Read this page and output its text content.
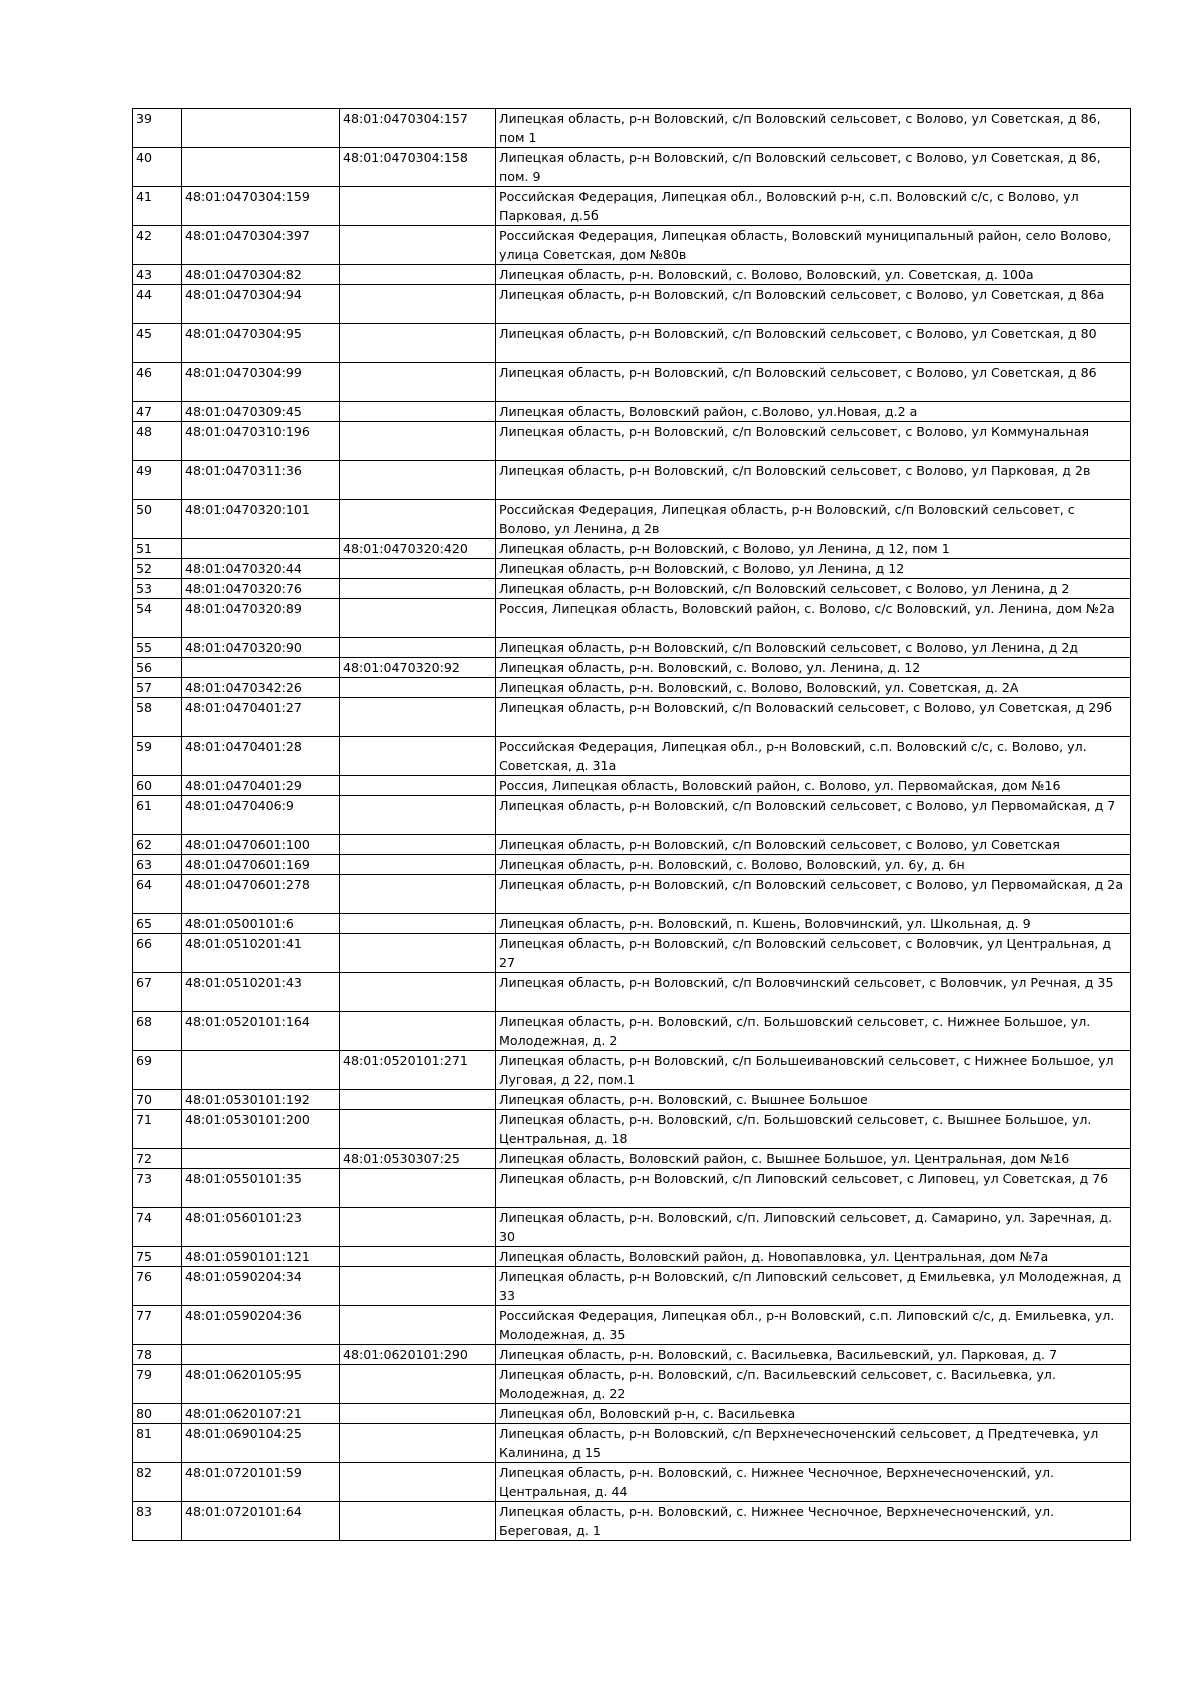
39		48:01:0470304:157	Липецкая область, р-н Воловский, с/п Воловский сельсовет, с Волово, ул Советская, д 86, пом 1
40		48:01:0470304:158	Липецкая область, р-н Воловский, с/п Воловский сельсовет, с Волово, ул Советская, д 86, пом. 9
41	48:01:0470304:159		Российская Федерация, Липецкая обл., Воловский р-н, с.п. Воловский с/с, с Волово, ул Парковая, д.5б
42	48:01:0470304:397		Российская Федерация, Липецкая область, Воловский муниципальный район, село Волово, улица Советская, дом №80в
43	48:01:0470304:82		Липецкая область, р-н. Воловский, с. Волово, Воловский, ул. Советская, д. 100а
44	48:01:0470304:94		Липецкая область, р-н Воловский, с/п Воловский сельсовет, с Волово, ул Советская, д 86а
45	48:01:0470304:95		Липецкая область, р-н Воловский, с/п Воловский сельсовет, с Волово, ул Советская, д 80
46	48:01:0470304:99		Липецкая область, р-н Воловский, с/п Воловский сельсовет, с Волово, ул Советская, д 86
47	48:01:0470309:45		Липецкая область, Воловский район, с.Волово, ул.Новая, д.2 а
48	48:01:0470310:196		Липецкая область, р-н Воловский, с/п Воловский сельсовет, с Волово, ул Коммунальная
49	48:01:0470311:36		Липецкая область, р-н Воловский, с/п Воловский сельсовет, с Волово, ул Парковая, д 2в
50	48:01:0470320:101		Российская Федерация, Липецкая область, р-н Воловский, с/п Воловский сельсовет, с Волово, ул Ленина, д 2в
51		48:01:0470320:420	Липецкая область, р-н Воловский, с Волово, ул Ленина, д 12, пом 1
52	48:01:0470320:44		Липецкая область, р-н Воловский, с Волово, ул Ленина, д 12
53	48:01:0470320:76		Липецкая область, р-н Воловский, с/п Воловский сельсовет, с Волово, ул Ленина, д 2
54	48:01:0470320:89		Россия, Липецкая область, Воловский район, с. Волово, с/с Воловский, ул. Ленина, дом №2а
55	48:01:0470320:90		Липецкая область, р-н Воловский, с/п Воловский сельсовет, с Волово, ул Ленина, д 2д
56		48:01:0470320:92	Липецкая область, р-н. Воловский, с. Волово, ул. Ленина, д. 12
57	48:01:0470342:26		Липецкая область, р-н. Воловский, с. Волово, Воловский, ул. Советская, д. 2А
58	48:01:0470401:27		Липецкая область, р-н Воловский, с/п Воловаский сельсовет, с Волово, ул Советская, д 29б
59	48:01:0470401:28		Российская Федерация, Липецкая обл., р-н Воловский, с.п. Воловский с/с, с. Волово, ул. Советская, д. 31а
60	48:01:0470401:29		Россия, Липецкая область, Воловский район, с. Волово, ул. Первомайская, дом №16
61	48:01:0470406:9		Липецкая область, р-н Воловский, с/п Воловский сельсовет, с Волово, ул Первомайская, д 7
62	48:01:0470601:100		Липецкая область, р-н Воловский, с/п Воловский сельсовет, с Волово, ул Советская
63	48:01:0470601:169		Липецкая область, р-н. Воловский, с. Волово, Воловский, ул. 6у, д. 6н
64	48:01:0470601:278		Липецкая область, р-н Воловский, с/п Воловский сельсовет, с Волово, ул Первомайская, д 2а
65	48:01:0500101:6		Липецкая область, р-н. Воловский, п. Кшень, Воловчинский, ул. Школьная, д. 9
66	48:01:0510201:41		Липецкая область, р-н Воловский, с/п Воловский сельсовет, с Воловчик, ул Центральная, д 27
67	48:01:0510201:43		Липецкая область, р-н Воловский, с/п Воловчинский сельсовет, с Воловчик, ул Речная, д 35
68	48:01:0520101:164		Липецкая область, р-н. Воловский, с/п. Большовский сельсовет, с. Нижнее Большое, ул. Молодежная, д. 2
69		48:01:0520101:271	Липецкая область, р-н Воловский, с/п Большеивановский сельсовет, с Нижнее Большое, ул Луговая, д 22, пом.1
70	48:01:0530101:192		Липецкая область, р-н. Воловский, с. Вышнее Большое
71	48:01:0530101:200		Липецкая область, р-н. Воловский, с/п. Большовский сельсовет, с. Вышнее Большое, ул. Центральная, д. 18
72		48:01:0530307:25	Липецкая область, Воловский район, с. Вышнее Большое, ул. Центральная, дом №16
73	48:01:0550101:35		Липецкая область, р-н Воловский, с/п Липовский сельсовет, с Липовец, ул Советская, д 76
74	48:01:0560101:23		Липецкая область, р-н. Воловский, с/п. Липовский сельсовет, д. Самарино, ул. Заречная, д. 30
75	48:01:0590101:121		Липецкая область, Воловский район, д. Новопавловка, ул. Центральная, дом №7а
76	48:01:0590204:34		Липецкая область, р-н Воловский, с/п Липовский сельсовет, д Емильевка, ул Молодежная, д 33
77	48:01:0590204:36		Российская Федерация, Липецкая обл., р-н Воловский, с.п. Липовский с/с, д. Емильевка, ул. Молодежная, д. 35
78		48:01:0620101:290	Липецкая область, р-н. Воловский, с. Васильевка, Васильевский, ул. Парковая, д. 7
79	48:01:0620105:95		Липецкая область, р-н. Воловский, с/п. Васильевский сельсовет, с. Васильевка, ул. Молодежная, д. 22
80	48:01:0620107:21		Липецкая обл, Воловский р-н, с. Васильевка
81	48:01:0690104:25		Липецкая область, р-н Воловский, с/п Верхнечесноченский сельсовет, д Предтечевка, ул Калинина, д 15
82	48:01:0720101:59		Липецкая область, р-н. Воловский, с. Нижнее Чесночное, Верхнечесноченский, ул. Центральная, д. 44
83	48:01:0720101:64		Липецкая область, р-н. Воловский, с. Нижнее Чесночное, Верхнечесноченский, ул. Береговая, д. 1
